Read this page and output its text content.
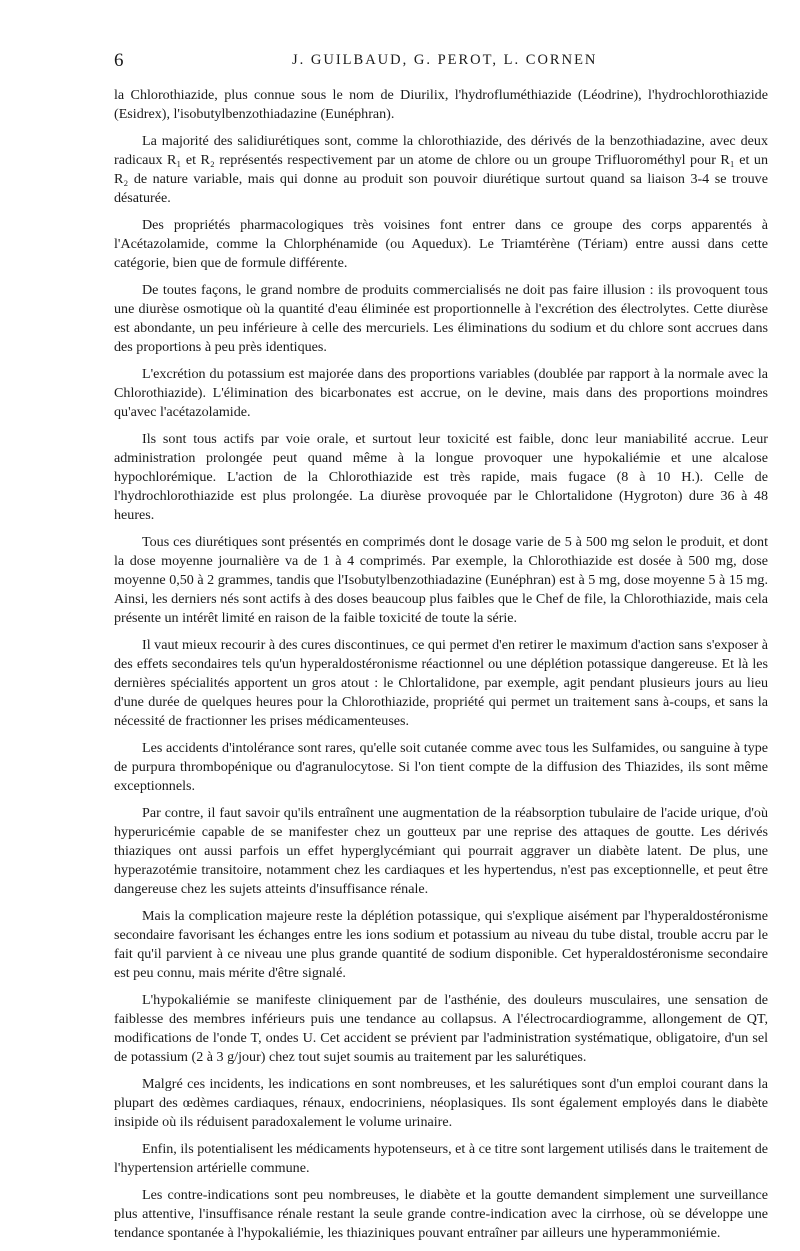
6	J. GUILBAUD, G. PEROT, L. CORNEN

la Chlorothiazide, plus connue sous le nom de Diurilix, l'hydrofluméthiazide (Léodrine), l'hydrochlorothiazide (Esidrex), l'isobutylbenzothiadazine (Eunéphran).

La majorité des salidiurétiques sont, comme la chlorothiazide, des dérivés de la benzothiadazine, avec deux radicaux R₁ et R₂ représentés respectivement par un atome de chlore ou un groupe Trifluorométhyl pour R₁ et un R₂ de nature variable, mais qui donne au produit son pouvoir diurétique surtout quand sa liaison 3-4 se trouve désaturée.

Des propriétés pharmacologiques très voisines font entrer dans ce groupe des corps apparentés à l'Acétazolamide, comme la Chlorphénamide (ou Aquedux). Le Triamtérène (Tériam) entre aussi dans cette catégorie, bien que de formule différente.

De toutes façons, le grand nombre de produits commercialisés ne doit pas faire illusion : ils provoquent tous une diurèse osmotique où la quantité d'eau éliminée est proportionnelle à l'excrétion des électrolytes. Cette diurèse est abondante, un peu inférieure à celle des mercuriels. Les éliminations du sodium et du chlore sont accrues dans des proportions à peu près identiques.

L'excrétion du potassium est majorée dans des proportions variables (doublée par rapport à la normale avec la Chlorothiazide). L'élimination des bicarbonates est accrue, on le devine, mais dans des proportions moindres qu'avec l'acétazolamide.

Ils sont tous actifs par voie orale, et surtout leur toxicité est faible, donc leur maniabilité accrue. Leur administration prolongée peut quand même à la longue provoquer une hypokaliémie et une alcalose hypochlorémique. L'action de la Chlorothiazide est très rapide, mais fugace (8 à 10 H.). Celle de l'hydrochlorothiazide est plus prolongée. La diurèse provoquée par le Chlortalidone (Hygroton) dure 36 à 48 heures.

Tous ces diurétiques sont présentés en comprimés dont le dosage varie de 5 à 500 mg selon le produit, et dont la dose moyenne journalière va de 1 à 4 comprimés. Par exemple, la Chlorothiazide est dosée à 500 mg, dose moyenne 0,50 à 2 grammes, tandis que l'Isobutylbenzothiadazine (Eunéphran) est à 5 mg, dose moyenne 5 à 15 mg. Ainsi, les derniers nés sont actifs à des doses beaucoup plus faibles que le Chef de file, la Chlorothiazide, mais cela présente un intérêt limité en raison de la faible toxicité de toute la série.

Il vaut mieux recourir à des cures discontinues, ce qui permet d'en retirer le maximum d'action sans s'exposer à des effets secondaires tels qu'un hyperaldostéronisme réactionnel ou une déplétion potassique dangereuse. Et là les dernières spécialités apportent un gros atout : le Chlortalidone, par exemple, agit pendant plusieurs jours au lieu d'une durée de quelques heures pour la Chlorothiazide, propriété qui permet un traitement sans à-coups, et sans la nécessité de fractionner les prises médicamenteuses.

Les accidents d'intolérance sont rares, qu'elle soit cutanée comme avec tous les Sulfamides, ou sanguine à type de purpura thrombopénique ou d'agranulocytose. Si l'on tient compte de la diffusion des Thiazides, ils sont même exceptionnels.

Par contre, il faut savoir qu'ils entraînent une augmentation de la réabsorption tubulaire de l'acide urique, d'où hyperuricémie capable de se manifester chez un goutteux par une reprise des attaques de goutte. Les dérivés thiaziques ont aussi parfois un effet hyperglycémiant qui pourrait aggraver un diabète latent. De plus, une hyperazotémie transitoire, notamment chez les cardiaques et les hypertendus, n'est pas exceptionnelle, et peut être dangereuse chez les sujets atteints d'insuffisance rénale.

Mais la complication majeure reste la déplétion potassique, qui s'explique aisément par l'hyperaldostéronisme secondaire favorisant les échanges entre les ions sodium et potassium au niveau du tube distal, trouble accru par le fait qu'il parvient à ce niveau une plus grande quantité de sodium disponible. Cet hyperaldostéronisme secondaire est peu connu, mais mérite d'être signalé.

L'hypokaliémie se manifeste cliniquement par de l'asthénie, des douleurs musculaires, une sensation de faiblesse des membres inférieurs puis une tendance au collapsus. A l'électrocardiogramme, allongement de QT, modifications de l'onde T, ondes U. Cet accident se prévient par l'administration systématique, obligatoire, d'un sel de potassium (2 à 3 g/jour) chez tout sujet soumis au traitement par les salurétiques.

Malgré ces incidents, les indications en sont nombreuses, et les salurétiques sont d'un emploi courant dans la plupart des œdèmes cardiaques, rénaux, endocriniens, néoplasiques. Ils sont également employés dans le diabète insipide où ils réduisent paradoxalement le volume urinaire.

Enfin, ils potentialisent les médicaments hypotenseurs, et à ce titre sont largement utilisés dans le traitement de l'hypertension artérielle commune.

Les contre-indications sont peu nombreuses, le diabète et la goutte demandent simplement une surveillance plus attentive, l'insuffisance rénale restant la seule grande contre-indication avec la cirrhose, où se développe une tendance spontanée à l'hypokaliémie, les thiaziniques pouvant entraîner par ailleurs une hyperammoniémie.
